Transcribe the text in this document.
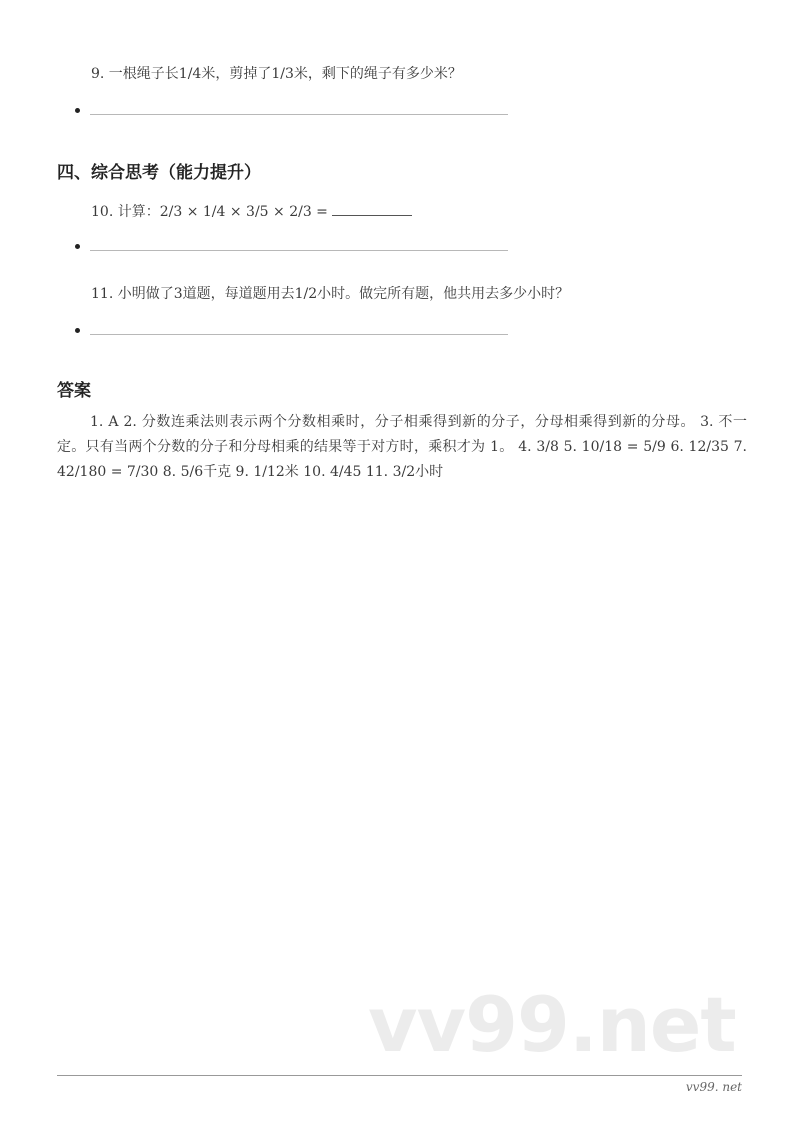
9. 一根绳子长1/4米，剪掉了1/3米，剩下的绳子有多少米？
四、综合思考（能力提升）
10. 计算：2/3 × 1/4 × 3/5 × 2/3 =
11. 小明做了3道题，每道题用去1/2小时。做完所有题，他共用去多少小时？
答案
1. A 2. 分数连乘法则表示两个分数相乘时，分子相乘得到新的分子，分母相乘得到新的分母。 3. 不一定。只有当两个分数的分子和分母相乘的结果等于对方时，乘积才为 1。 4. 3/8 5. 10/18 = 5/9 6. 12/35 7. 42/180 = 7/30 8. 5/6千克 9. 1/12米 10. 4/45 11. 3/2小时
vv99.net
vv99. net
